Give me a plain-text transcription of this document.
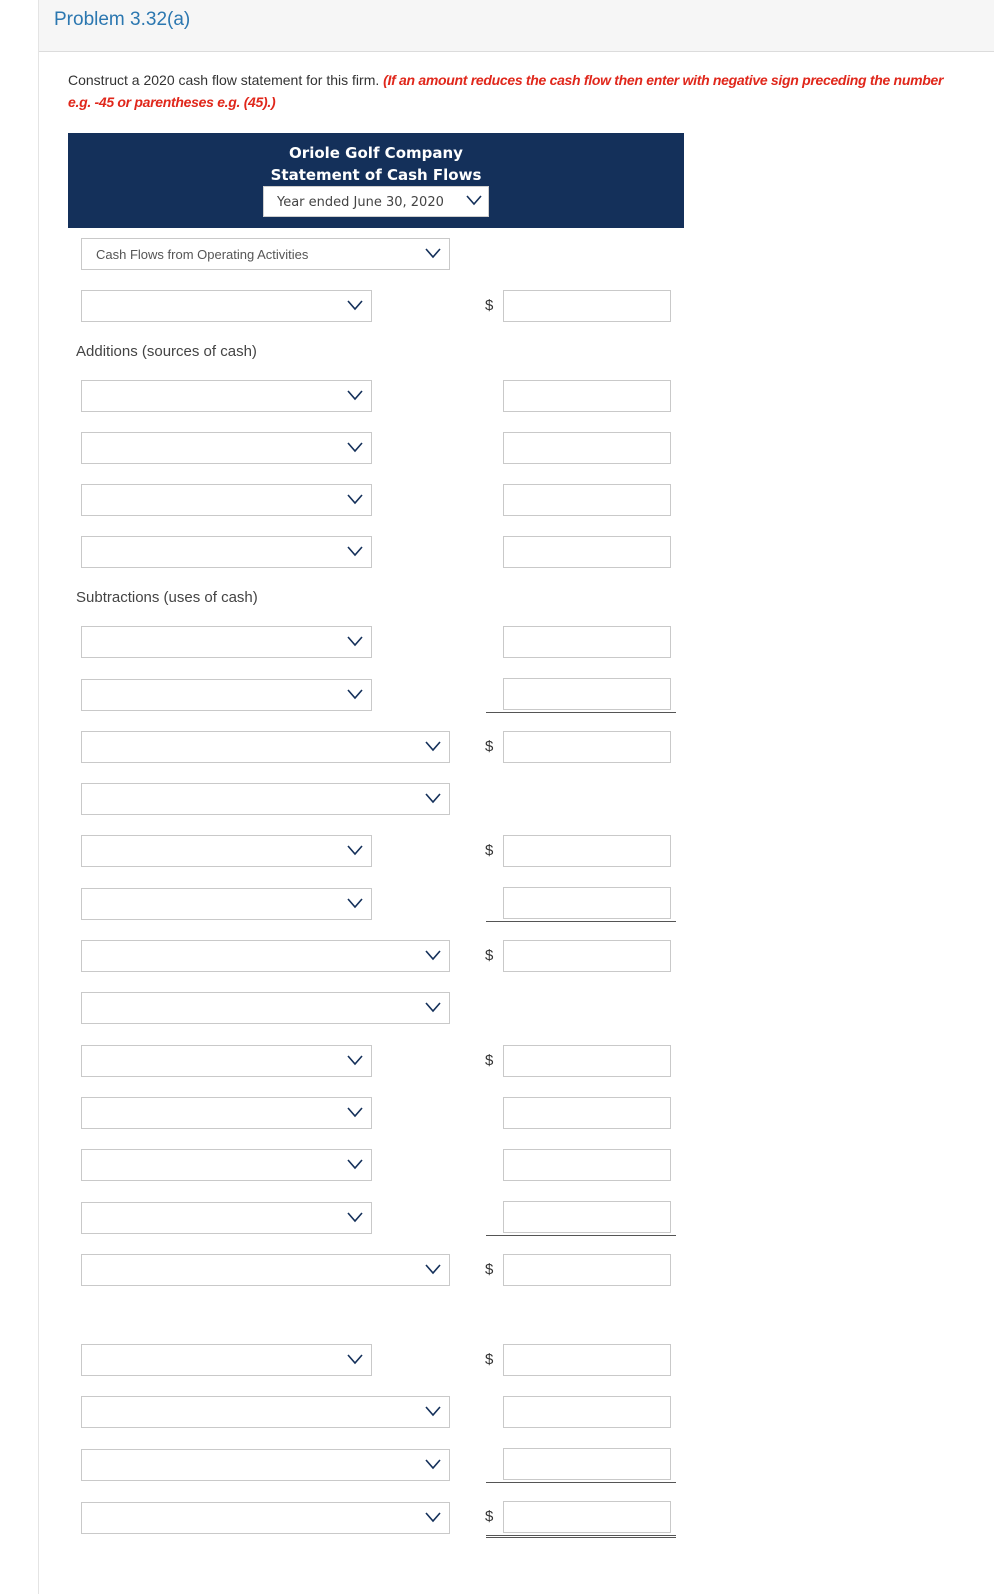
Problem 3.32(a)
Construct a 2020 cash flow statement for this firm. (If an amount reduces the cash flow then enter with negative sign preceding the number e.g. -45 or parentheses e.g. (45).)
Oriole Golf Company
Statement of Cash Flows
Year ended June 30, 2020
Cash Flows from Operating Activities
$
Additions (sources of cash)
Subtractions (uses of cash)
$
$
$
$
$
$
$
